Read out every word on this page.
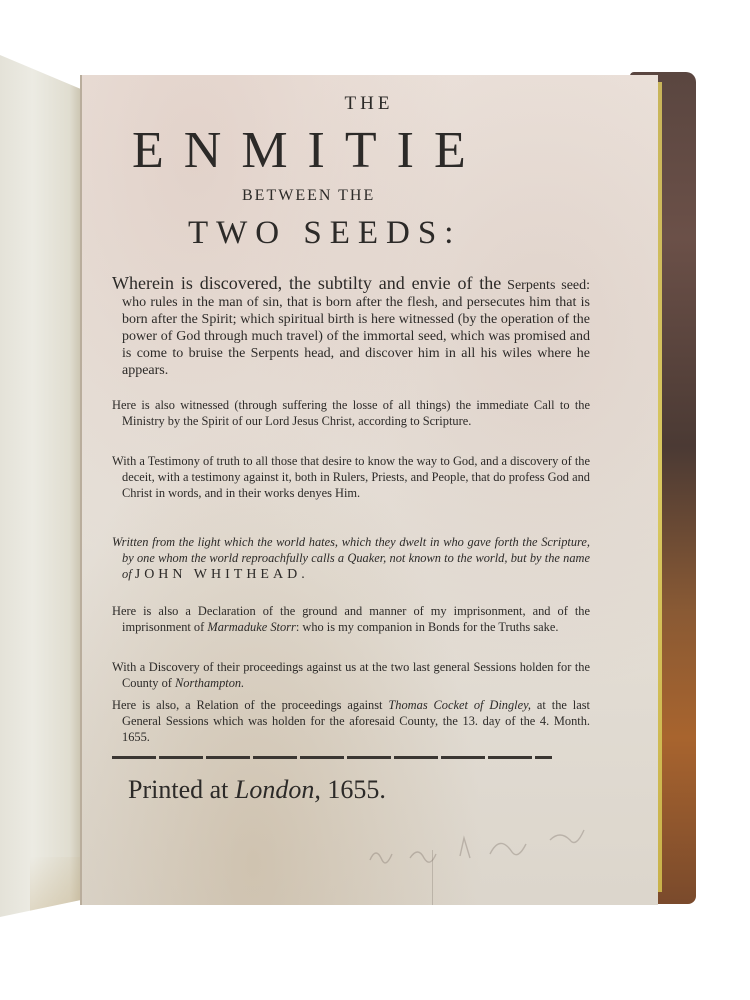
THE
ENMITIE
BETWEEN THE
TWO SEEDS:
Wherein is discovered, the subtilty and envie of the Serpents seed: who rules in the man of sin, that is born after the flesh, and persecutes him that is born after the Spirit; which spiritual birth is here witnessed (by the operation of the power of God through much travel) of the immortal seed, which was promised and is come to bruise the Serpents head, and discover him in all his wiles where he appears.
Here is also witnessed (through suffering the losse of all things) the immediate Call to the Ministry by the Spirit of our Lord Jesus Christ, according to Scripture.
With a Testimony of truth to all those that desire to know the way to God, and a discovery of the deceit, with a testimony against it, both in Rulers, Priests, and People, that do profess God and Christ in words, and in their works denyes Him.
Written from the light which the world hates, which they dwelt in who gave forth the Scripture, by one whom the world reproachfully calls a Quaker, not known to the world, but by the name of JOHN WHITHEAD.
Here is also a Declaration of the ground and manner of my imprisonment, and of the imprisonment of Marmaduke Storr: who is my companion in Bonds for the Truths sake.
With a Discovery of their proceedings against us at the two last general Sessions holden for the County of Northampton.
Here is also, a Relation of the proceedings against Thomas Cocket of Dingley, at the last General Sessions which was holden for the aforesaid County, the 13. day of the 4. Month. 1655.
Printed at London, 1655.
